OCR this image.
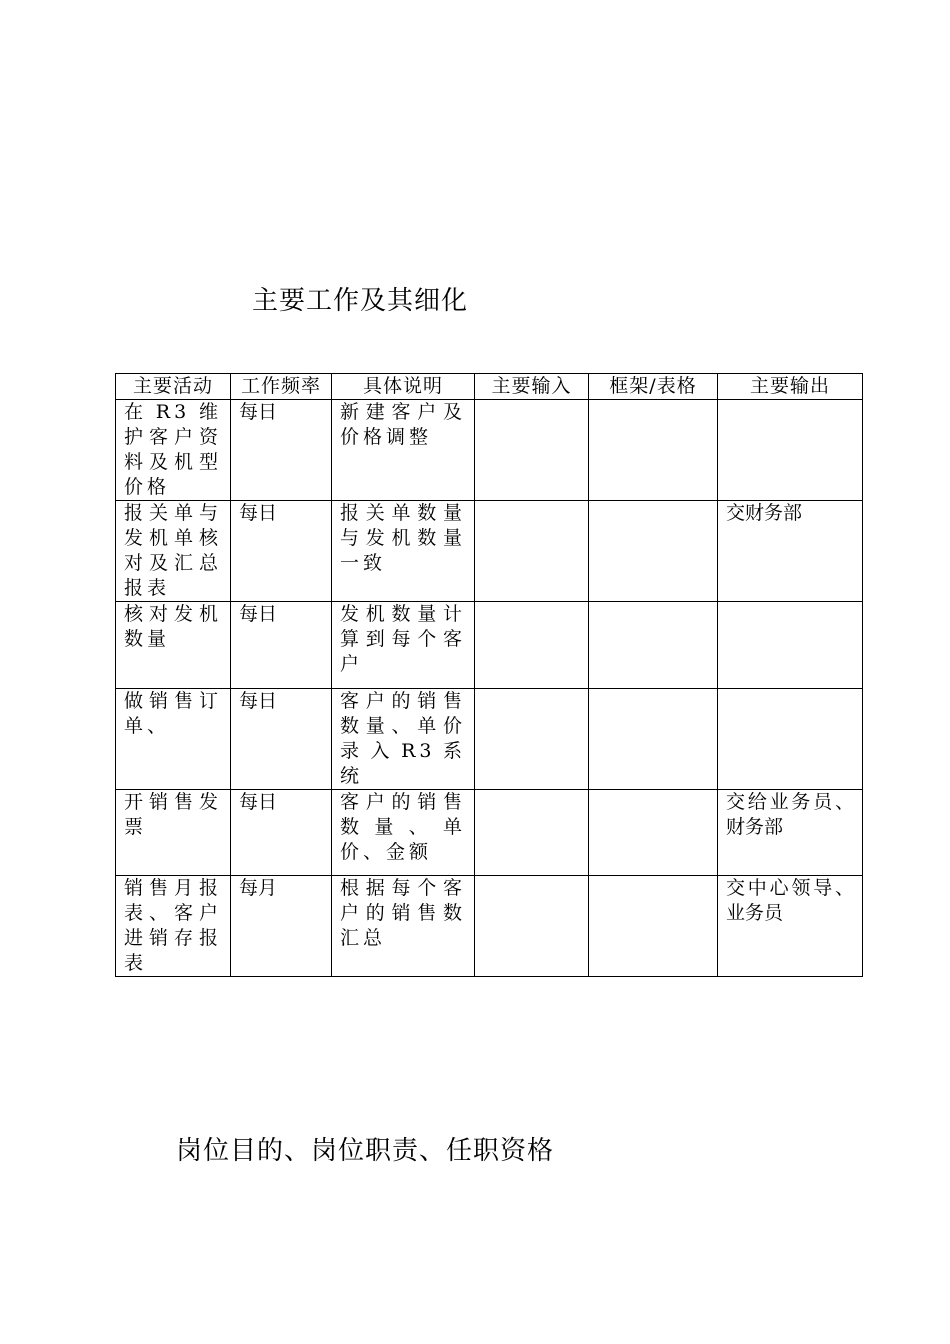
主要工作及其细化
主要活动	工作频率	具体说明	主要输入	框架/表格	主要输出
在R3维护客户资料及机型价格	每日	新建客户及价格调整			
报关单与发机单核对及汇总报表	每日	报关单数量与发机数量一致			交财务部
核对发机数量	每日	发机数量计算到每个客户			
做销售订单、	每日	客户的销售数量、单价录入R3系统			
开销售发票	每日	客户的销售数量、单价、金额			交给业务员、财务部
销售月报表、客户进销存报表	每月	根据每个客户的销售数汇总			交中心领导、业务员
岗位目的、岗位职责、任职资格
